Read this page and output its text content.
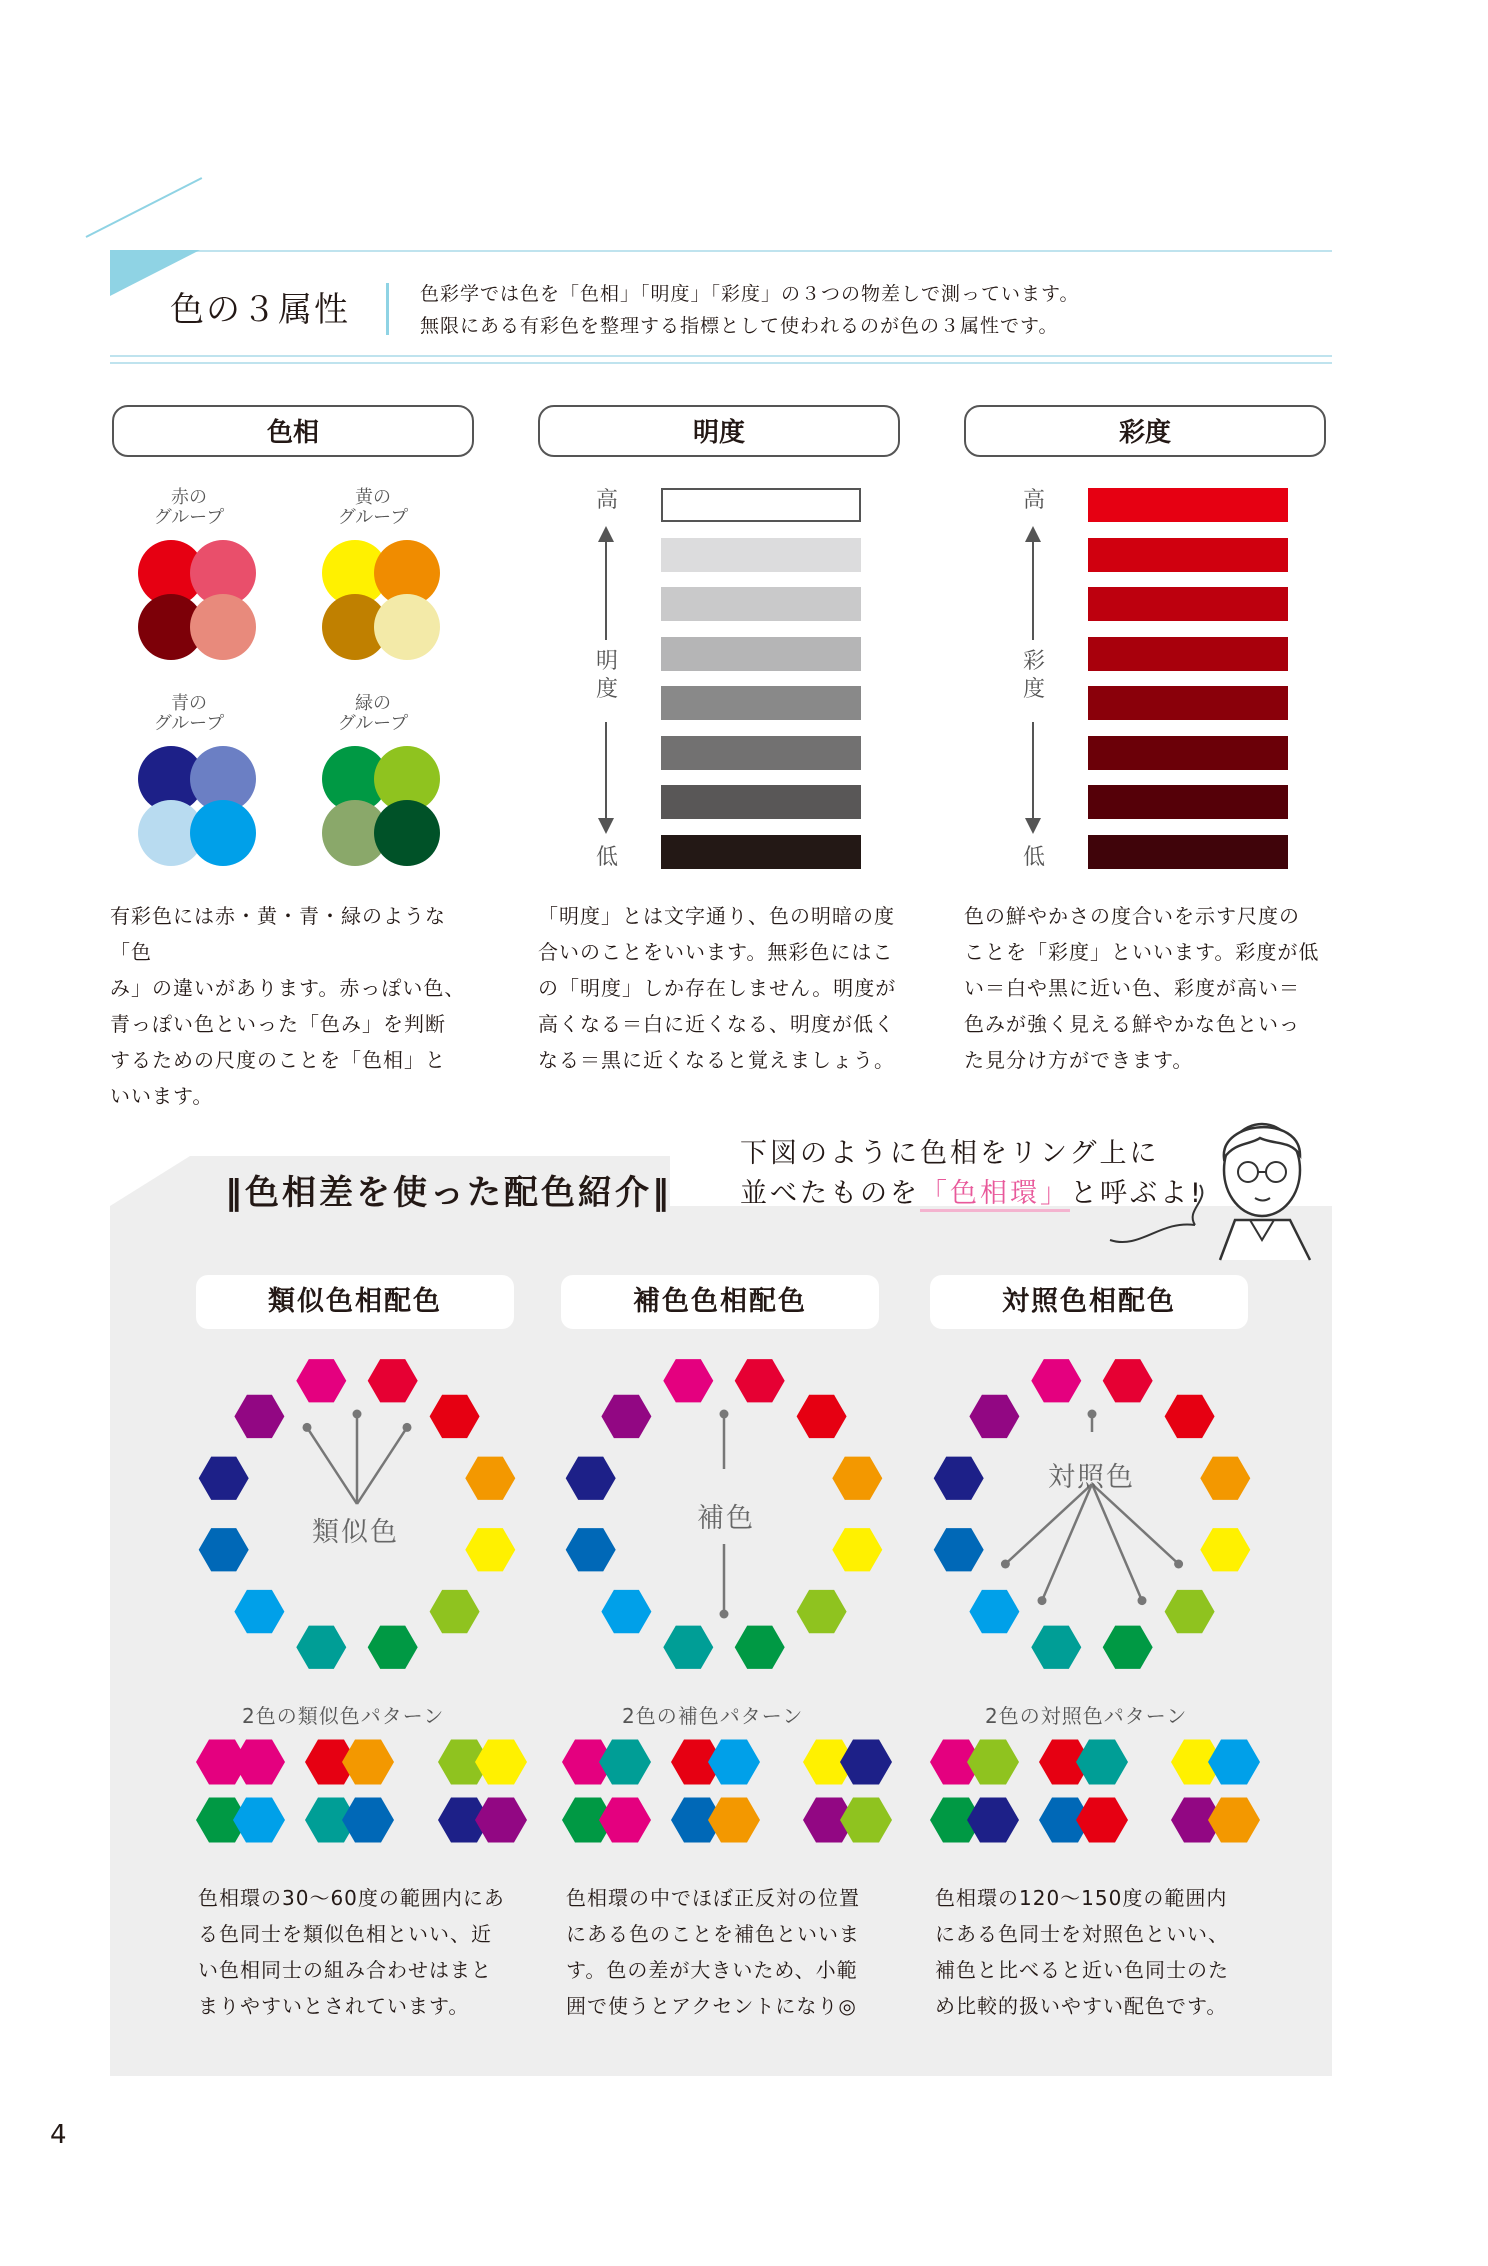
色の３属性	色彩学では色を「色相」「明度」「彩度」の３つの物差しで測っています。
無限にある有彩色を整理する指標として使われるのが色の３属性です。
色相
赤の
グループ
黄の
グループ
青の
グループ
緑の
グループ
有彩色には赤・黄・青・緑のような「色
み」の違いがあります。赤っぽい色、
青っぽい色といった「色み」を判断
するための尺度のことを「色相」と
いいます。
明度
高
明
度
低
「明度」とは文字通り、色の明暗の度
合いのことをいいます。無彩色にはこ
の「明度」しか存在しません。明度が
高くなる＝白に近くなる、明度が低く
なる＝黒に近くなると覚えましょう。
彩度
高
彩
度
低
色の鮮やかさの度合いを示す尺度の
ことを「彩度」といいます。彩度が低
い＝白や黒に近い色、彩度が高い＝
色みが強く見える鮮やかな色といっ
た見分け方ができます。
‖色相差を使った配色紹介‖
下図のように色相をリング上に
並べたものを「色相環」と呼ぶよ!
類似色相配色	補色色相配色	対照色相配色
類似色	補色
対照色
2色の類似色パターン	2色の補色パターン	2色の対照色パターン
色相環の30～60度の範囲内にあ
る色同士を類似色相といい、近
い色相同士の組み合わせはまと
まりやすいとされています。
色相環の中でほぼ正反対の位置
にある色のことを補色といいま
す。色の差が大きいため、小範
囲で使うとアクセントになり◎
色相環の120～150度の範囲内
にある色同士を対照色といい、
補色と比べると近い色同士のた
め比較的扱いやすい配色です。
4
